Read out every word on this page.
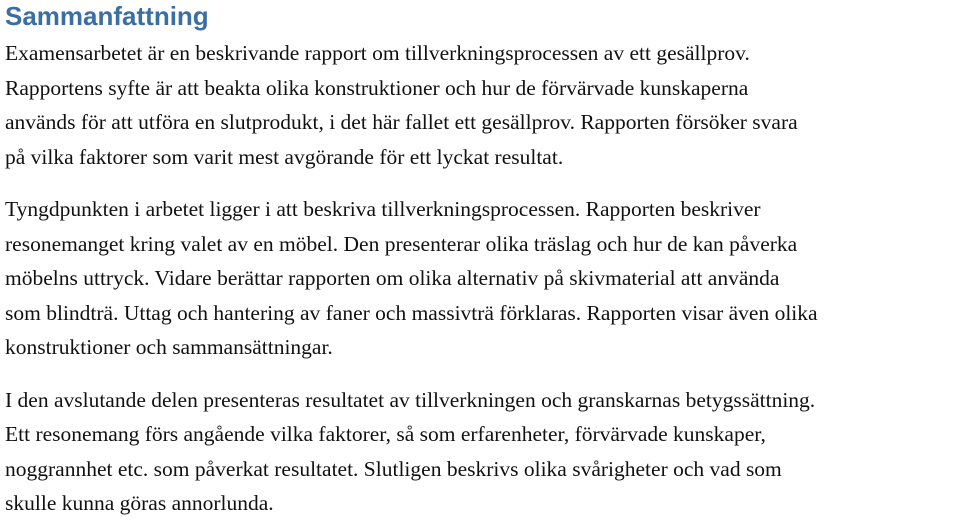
Sammanfattning

Examensarbetet är en beskrivande rapport om tillverkningsprocessen av ett gesällprov.
Rapportens syfte är att beakta olika konstruktioner och hur de förvärvade kunskaperna
används för att utföra en slutprodukt, i det här fallet ett gesällprov. Rapporten försöker svara
på vilka faktorer som varit mest avgörande för ett lyckat resultat.

Tyngdpunkten i arbetet ligger i att beskriva tillverkningsprocessen. Rapporten beskriver
resonemanget kring valet av en möbel. Den presenterar olika träslag och hur de kan påverka
möbelns uttryck. Vidare berättar rapporten om olika alternativ på skivmaterial att använda
som blindträ. Uttag och hantering av faner och massivträ förklaras. Rapporten visar även olika
konstruktioner och sammansättningar.

I den avslutande delen presenteras resultatet av tillverkningen och granskarnas betygssättning.
Ett resonemang förs angående vilka faktorer, så som erfarenheter, förvärvade kunskaper,
noggrannhet etc. som påverkat resultatet. Slutligen beskrivs olika svårigheter och vad som
skulle kunna göras annorlunda.
